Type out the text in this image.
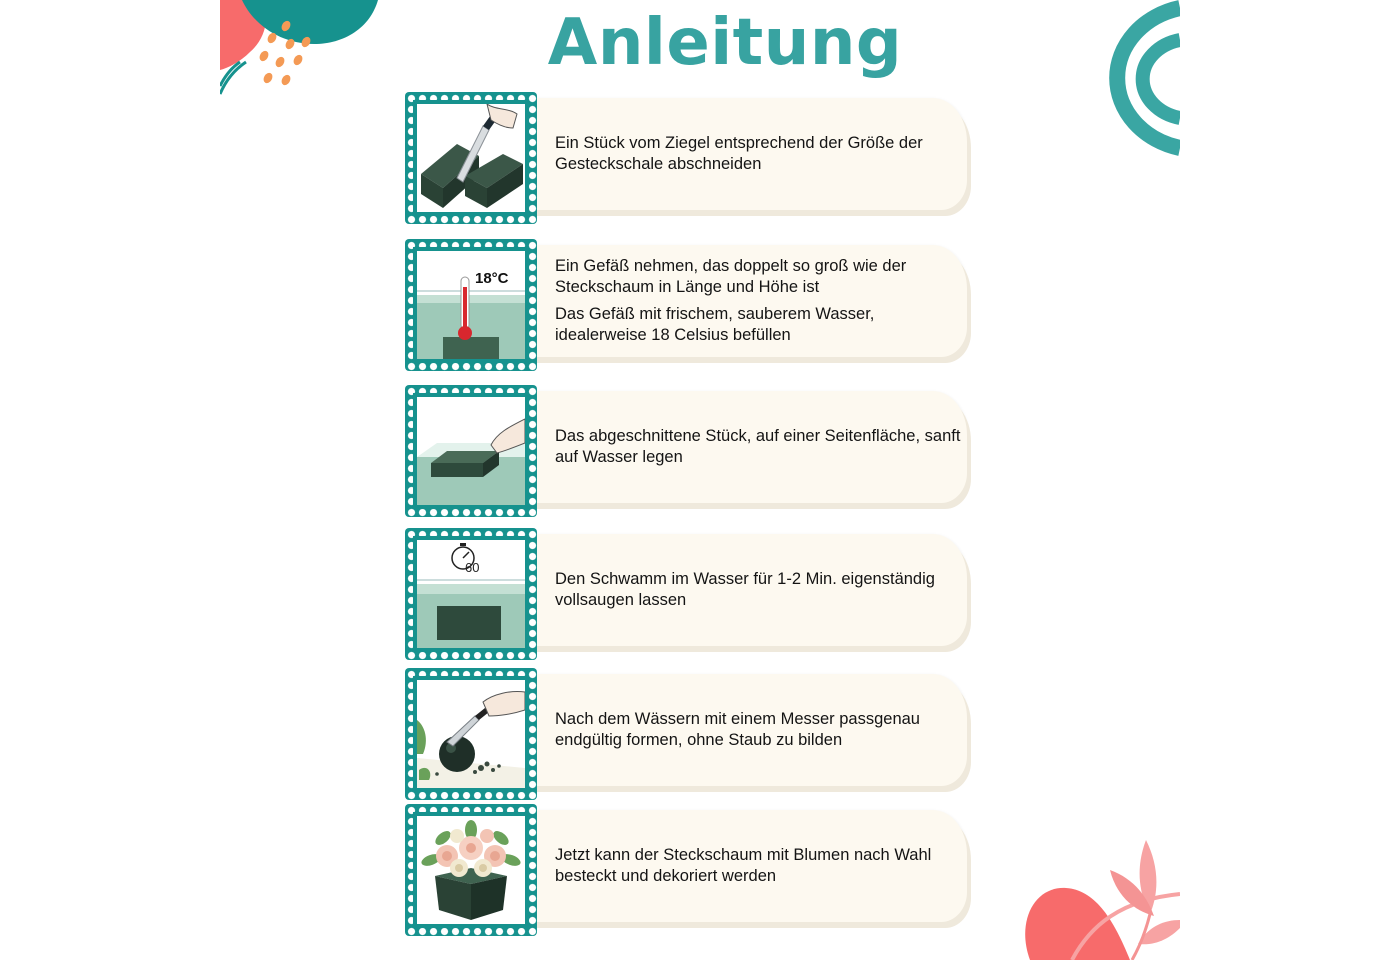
Anleitung
Ein Stück vom Ziegel entsprechend der Größe der Gesteckschale abschneiden
18°C
Ein Gefäß nehmen, das doppelt so groß wie der Steckschaum in Länge und Höhe ist
Das Gefäß mit frischem, sauberem Wasser, idealerweise 18 Celsius befüllen
Das abgeschnittene Stück, auf einer Seitenfläche, sanft auf Wasser legen
60
Den Schwamm im Wasser für 1-2 Min. eigenständig vollsaugen lassen
Nach dem Wässern mit einem Messer passgenau endgültig formen, ohne Staub zu bilden
Jetzt kann der Steckschaum mit Blumen nach Wahl besteckt und dekoriert werden
